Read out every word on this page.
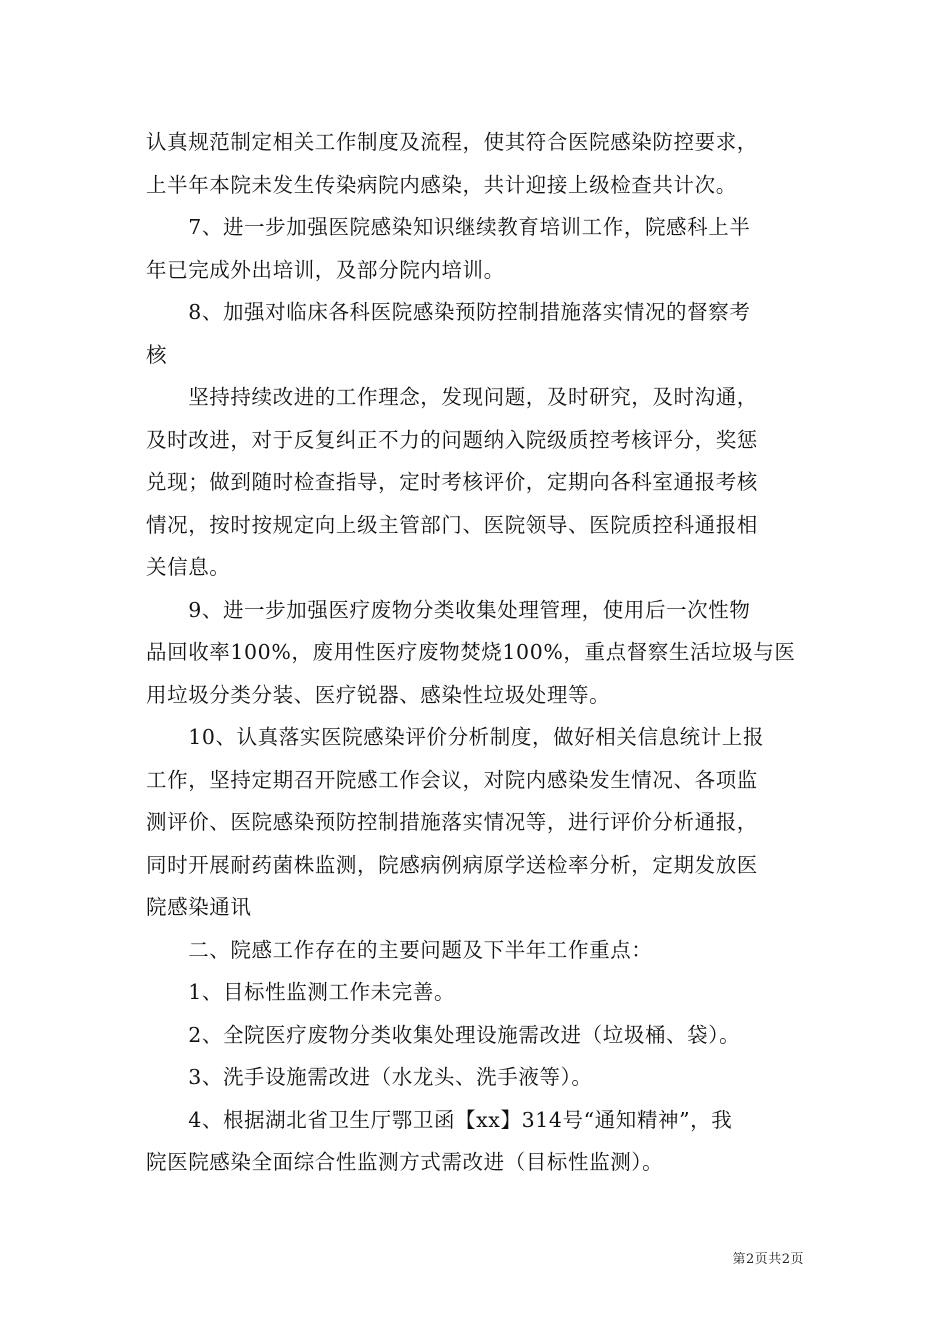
认真规范制定相关工作制度及流程，使其符合医院感染防控要求，
上半年本院未发生传染病院内感染，共计迎接上级检查共计次。

　　7、进一步加强医院感染知识继续教育培训工作，院感科上半
年已完成外出培训，及部分院内培训。

　　8、加强对临床各科医院感染预防控制措施落实情况的督察考
核

　　坚持持续改进的工作理念，发现问题，及时研究，及时沟通，
及时改进，对于反复纠正不力的问题纳入院级质控考核评分，奖惩
兑现；做到随时检查指导，定时考核评价，定期向各科室通报考核
情况，按时按规定向上级主管部门、医院领导、医院质控科通报相
关信息。

　　9、进一步加强医疗废物分类收集处理管理，使用后一次性物
品回收率100%，废用性医疗废物焚烧100%，重点督察生活垃圾与医
用垃圾分类分装、医疗锐器、感染性垃圾处理等。

　　10、认真落实医院感染评价分析制度，做好相关信息统计上报
工作，坚持定期召开院感工作会议，对院内感染发生情况、各项监
测评价、医院感染预防控制措施落实情况等，进行评价分析通报，
同时开展耐药菌株监测，院感病例病原学送检率分析，定期发放医
院感染通讯

　　二、院感工作存在的主要问题及下半年工作重点：

　　1、目标性监测工作未完善。

　　2、全院医疗废物分类收集处理设施需改进（垃圾桶、袋）。

　　3、洗手设施需改进（水龙头、洗手液等）。

　　4、根据湖北省卫生厅鄂卫函【xx】314号“通知精神”，我
院医院感染全面综合性监测方式需改进（目标性监测）。

第2页共2页
